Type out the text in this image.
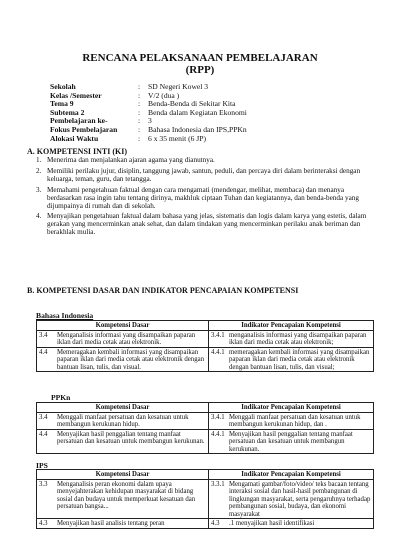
RENCANA PELAKSANAAN PEMBELAJARAN
(RPP)
Sekolah	:	SD Negeri Kowel 3
Kelas /Semester	:	V/2 (dua )
Tema 9	:	Benda-Benda di Sekitar Kita
Subtema 2	:	Benda dalam Kegiatan Ekonomi
Pembelajaran ke-	:	3
Fokus Pembelajaran	:	Bahasa Indonesia dan IPS,PPKn
Alokasi Waktu	:	6 x 35 menit (6 JP)
A. KOMPETENSI INTI (KI)
1. Menerima dan menjalankan ajaran agama yang dianutnya.
2. Memiliki perilaku jujur, disiplin, tanggung jawab, santun, peduli, dan percaya diri dalam berinteraksi dengan keluarga, teman, guru, dan tetangga.
3. Memahami pengetahuan faktual dengan cara mengamati (mendengar, melihat, membaca) dan menanya berdasarkan rasa ingin tahu tentang dirinya, makhluk ciptaan Tuhan dan kegiatannya, dan benda-benda yang dijumpainya di rumah dan di sekolah.
4. Menyajikan pengetahuan faktual dalam bahasa yang jelas, sistematis dan logis dalam karya yang estetis, dalam gerakan yang mencerminkan anak sehat, dan dalam tindakan yang mencerminkan perilaku anak beriman dan berakhlak mulia.
B. KOMPETENSI DASAR DAN INDIKATOR PENCAPAIAN KOMPETENSI
Bahasa Indonesia
Kompetensi Dasar	Indikator Pencapaian Kompetensi

3.4 Menganalisis informasi yang disampaikan paparan iklan dari media cetak atau elektronik.	3.4.1 menganalisis informasi yang disampaikan paparan iklan dari media cetak atau elektronik;

4.4 Memeragakan kembali informasi yang disampaikan paparan iklan dari media cetak atau elektronik dengan bantuan lisan, tulis, dan visual.	4.4.1 memeragakan kembali informasi yang disampaikan paparan iklan dari media cetak atau elektronik dengan bantuan lisan, tulis, dan visual;
PPKn
Kompetensi Dasar	Indikator Pencapaian Kompetensi

3.4 Menggali manfaat persatuan dan kesatuan untuk membangun kerukunan hidup.	3.4.1 Menggali manfaat persatuan dan kesatuan untuk membangun kerukunan hidup, dan .

4.4 Menyajikan hasil penggalian tentang manfaat persatuan dan kesatuan untuk membangun kerukunan.	4.4.1 Menyajikan hasil penggalian tentang manfaat persatuan dan kesatuan untuk membangun kerukunan.
IPS
Kompetensi Dasar	Indikator Pencapaian Kompetensi

3.3 Menganalisis peran ekonomi dalam upaya menyejahterakan kehidupan masyarakat di bidang sosial dan budaya untuk memperkuat kesatuan dan persatuan bangsa...	3.3.1 Mengamati gambar/foto/video/ teks bacaan tentang interaksi sosial dan hasil-hasil pembangunan di lingkungan masyarakat, serta pengaruhnya terhadap pembangunan sosial, budaya, dan ekonomi masyarakat

4.3 Menyajikan hasil analisis tentang peran	4.3 .1 menyajikan hasil identifikasi
